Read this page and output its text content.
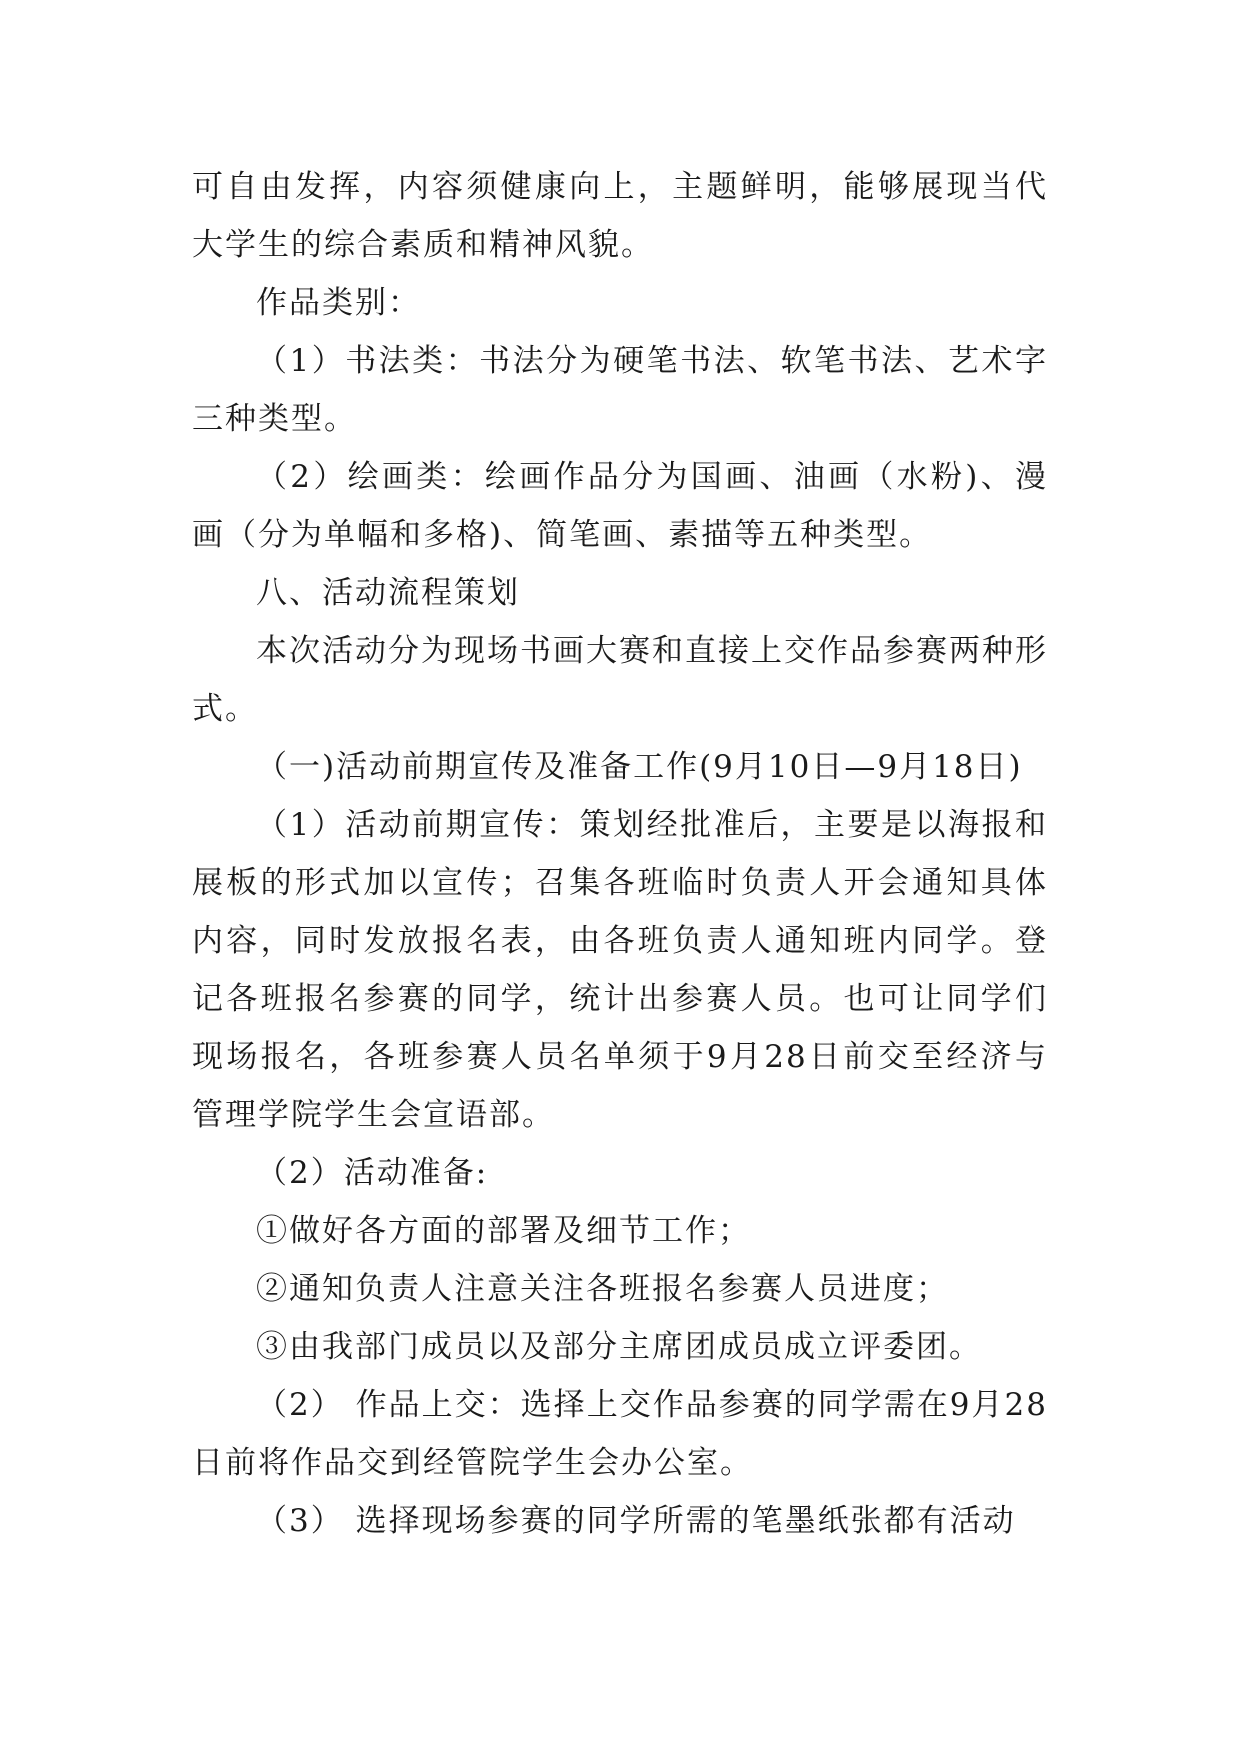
可自由发挥，内容须健康向上，主题鲜明，能够展现当代大学生的综合素质和精神风貌。

作品类别：

（1）书法类：书法分为硬笔书法、软笔书法、艺术字三种类型。

（2）绘画类：绘画作品分为国画、油画（水粉)、漫画（分为单幅和多格)、简笔画、素描等五种类型。

八、活动流程策划

本次活动分为现场书画大赛和直接上交作品参赛两种形式。

（一)活动前期宣传及准备工作(9月10日—9月18日)

（1）活动前期宣传：策划经批准后，主要是以海报和展板的形式加以宣传；召集各班临时负责人开会通知具体内容，同时发放报名表，由各班负责人通知班内同学。登记各班报名参赛的同学，统计出参赛人员。也可让同学们现场报名，各班参赛人员名单须于9月28日前交至经济与管理学院学生会宣语部。

（2）活动准备:

①做好各方面的部署及细节工作；

②通知负责人注意关注各班报名参赛人员进度；

③由我部门成员以及部分主席团成员成立评委团。

（2） 作品上交：选择上交作品参赛的同学需在9月28日前将作品交到经管院学生会办公室。

（3） 选择现场参赛的同学所需的笔墨纸张都有活动
